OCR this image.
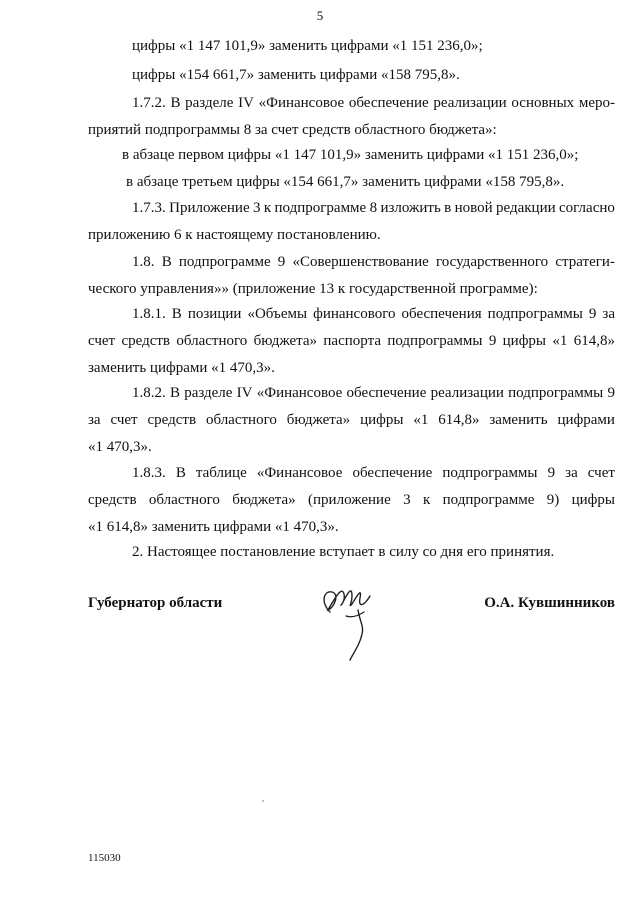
5

цифры «1 147 101,9» заменить цифрами «1 151 236,0»;

цифры «154 661,7» заменить цифрами «158 795,8».

1.7.2. В разделе IV «Финансовое обеспечение реализации основных меро-
приятий подпрограммы 8 за счет средств областного бюджета»:

в абзаце первом цифры «1 147 101,9» заменить цифрами «1 151 236,0»;

в абзаце третьем цифры «154 661,7» заменить цифрами «158 795,8».

1.7.3. Приложение 3 к подпрограмме 8 изложить в новой редакции согласно
приложению 6 к настоящему постановлению.

1.8. В подпрограмме 9 «Совершенствование государственного стратеги-
ческого управления»» (приложение 13 к государственной программе):

1.8.1. В позиции «Объемы финансового обеспечения подпрограммы 9 за
счет средств областного бюджета» паспорта подпрограммы 9 цифры «1 614,8»
заменить цифрами «1 470,3».

1.8.2. В разделе IV «Финансовое обеспечение реализации подпрограммы 9
за счет средств областного бюджета» цифры «1 614,8» заменить цифрами
«1 470,3».

1.8.3. В таблице «Финансовое обеспечение подпрограммы 9 за счет
средств областного бюджета» (приложение 3 к подпрограмме 9) цифры
«1 614,8» заменить цифрами «1 470,3».

2. Настоящее постановление вступает в силу со дня его принятия.

Губернатор области	О.А. Кувшинников
115030
